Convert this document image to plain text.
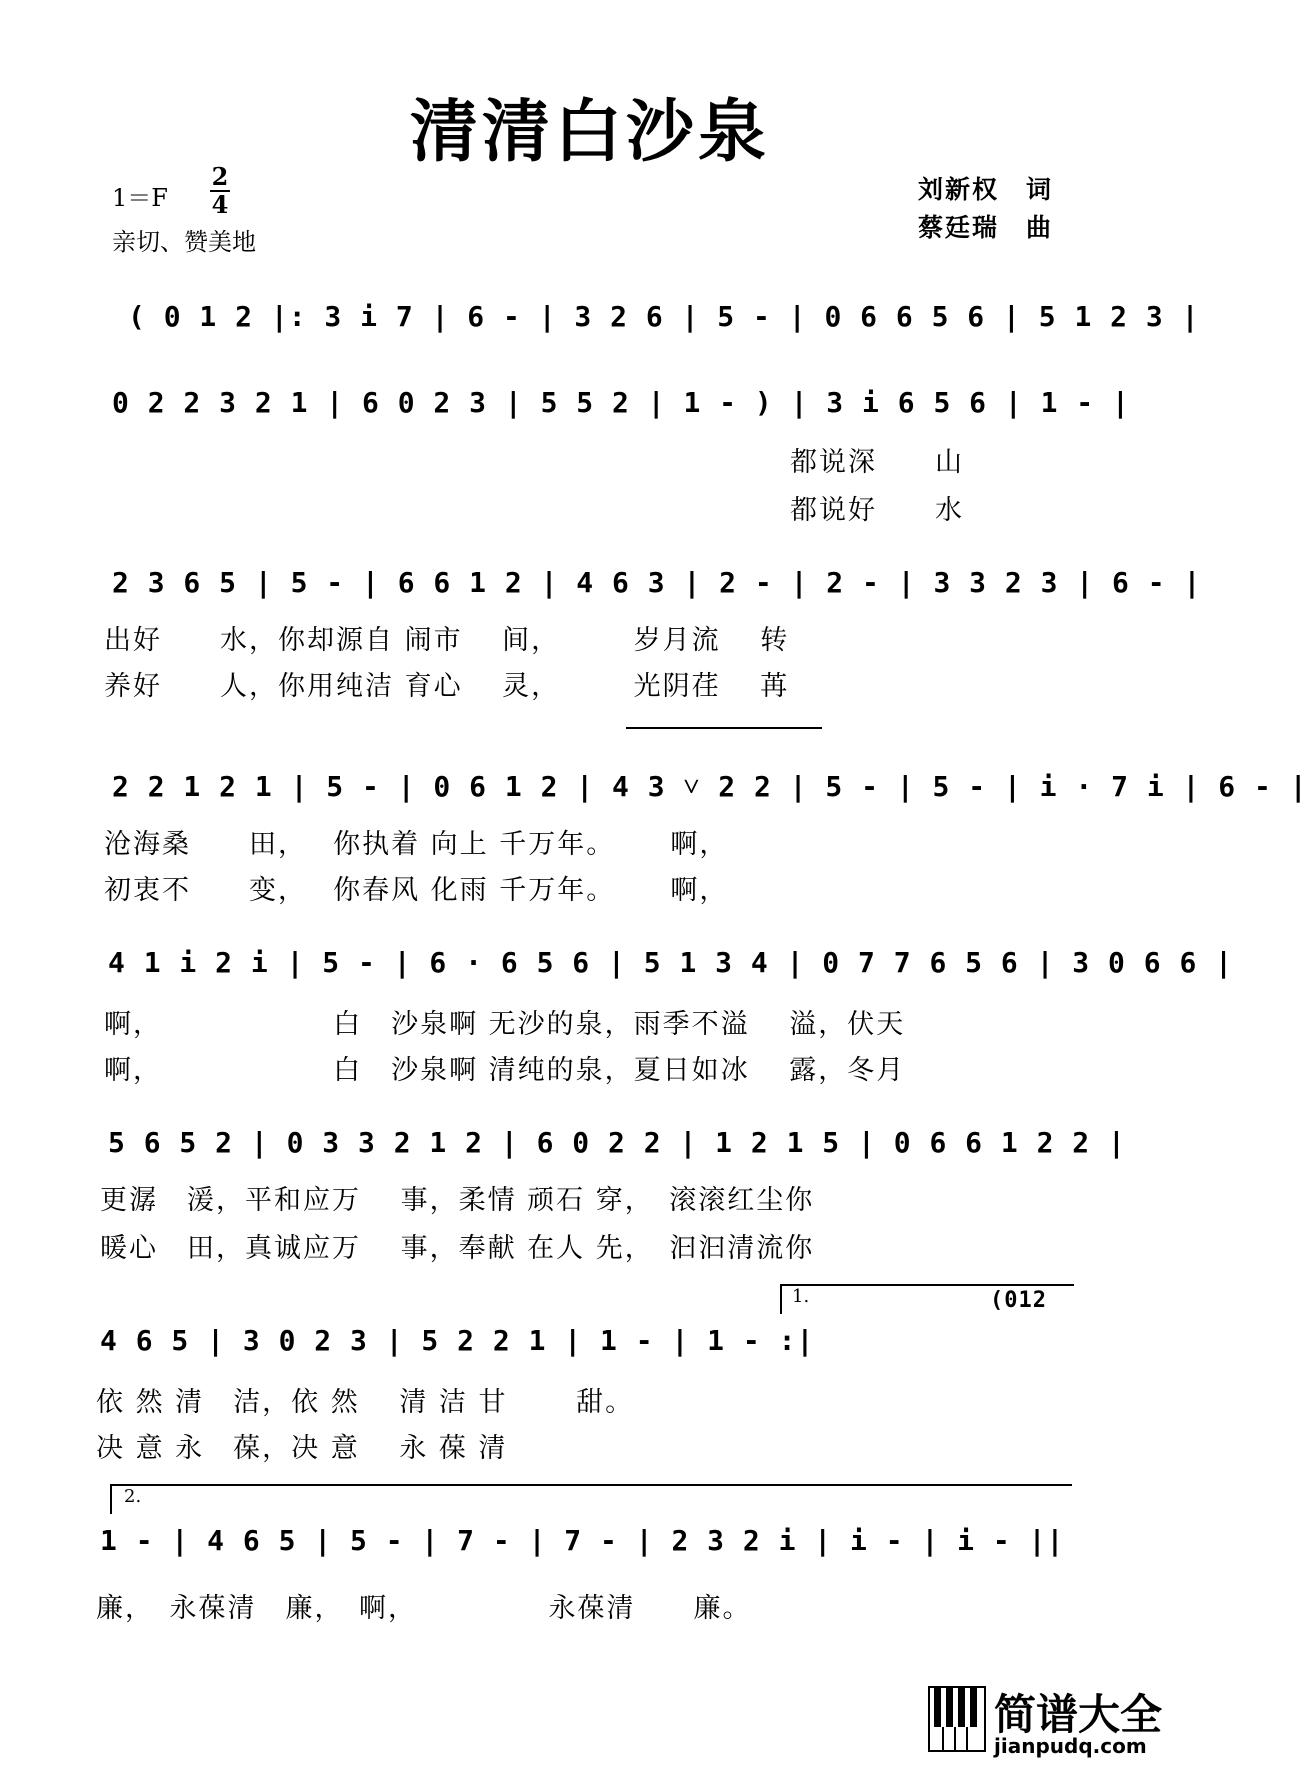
清清白沙泉
1＝F
2
4
亲切、赞美地
刘新权　词
蔡廷瑞　曲
( 0 1 2 |: 3 i 7 | 6 - | 3 2 6 | 5 - | 0 6 6 5 6 | 5 1 2 3 |
0 2 2 3 2 1 | 6 0 2 3 | 5 5 2 | 1 - ) | 3 i 6 5 6 | 1 - |
都说深　　山
都说好　　水
2 3 6 5 | 5 - | 6 6 1 2 | 4 6 3 | 2 - | 2 - | 3 3 2 3 | 6 - |
出好　　水，你却源自 闹市　 间，　　　岁月流　 转
养好　　人，你用纯洁 育心　 灵，　　　光阴荏　 苒
2 2 1 2 1 | 5 - | 0 6 1 2 | 4 3 ˅ 2 2 | 5 - | 5 - | i · 7 i | 6 - |
沧海桑　　田，　 你执着 向上 千万年。　　 啊，
初衷不　　变，　 你春风 化雨 千万年。　　 啊，
4 1 i 2 i | 5 - | 6 · 6 5 6 | 5 1 3 4 | 0 7 7 6 5 6 | 3 0 6 6 |
啊，　　　　　　 白　沙泉啊 无沙的泉，雨季不溢　 溢，伏天
啊，　　　　　　 白　沙泉啊 清纯的泉，夏日如冰　 露，冬月
5 6 5 2 | 0 3 3 2 1 2 | 6 0 2 2 | 1 2 1 5 | 0 6 6 1 2 2 |
更潺　湲，平和应万　 事，柔情 顽石 穿，　滚滚红尘你
暖心　田，真诚应万　 事，奉献 在人 先，　汩汩清流你
1.	(012
4 6 5 | 3 0 2 3 | 5 2 2 1 | 1 - | 1 - :|
依 然 清　洁，依 然　 清 洁 甘　　 甜。
决 意 永　葆，决 意　 永 葆 清
2.
1 - | 4 6 5 | 5 - | 7 - | 7 - | 2 3 2 i | i - | i - ||
廉，　永葆清　廉，　啊，　　　　　永葆清　　廉。
简谱大全
jianpudq.com
